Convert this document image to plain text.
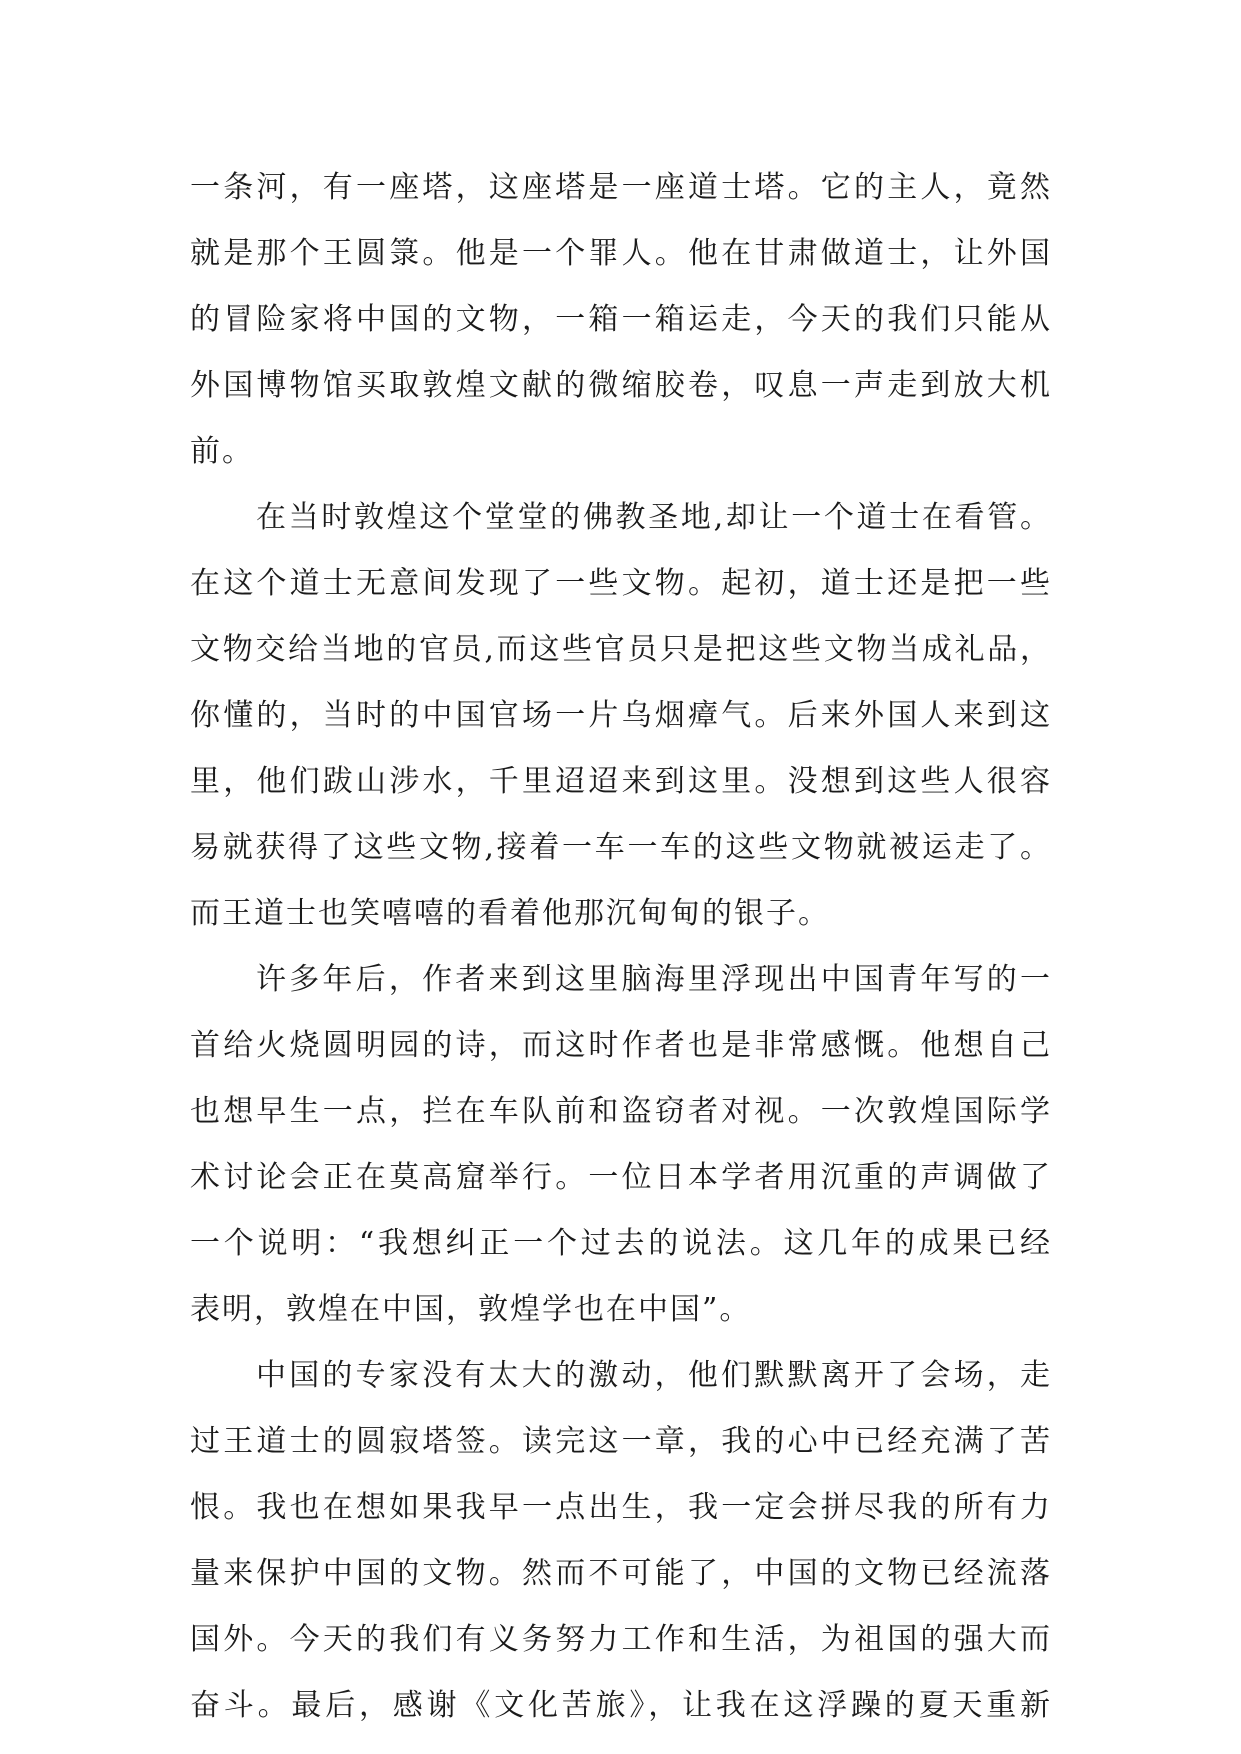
一条河，有一座塔，这座塔是一座道士塔。它的主人，竟然
就是那个王圆箓。他是一个罪人。他在甘肃做道士，让外国
的冒险家将中国的文物，一箱一箱运走，今天的我们只能从
外国博物馆买取敦煌文献的微缩胶卷，叹息一声走到放大机
前。
在当时敦煌这个堂堂的佛教圣地,却让一个道士在看管。
在这个道士无意间发现了一些文物。起初，道士还是把一些
文物交给当地的官员,而这些官员只是把这些文物当成礼品，
你懂的，当时的中国官场一片乌烟瘴气。后来外国人来到这
里，他们跋山涉水，千里迢迢来到这里。没想到这些人很容
易就获得了这些文物,接着一车一车的这些文物就被运走了。
而王道士也笑嘻嘻的看着他那沉甸甸的银子。
许多年后，作者来到这里脑海里浮现出中国青年写的一
首给火烧圆明园的诗，而这时作者也是非常感慨。他想自己
也想早生一点，拦在车队前和盗窃者对视。一次敦煌国际学
术讨论会正在莫高窟举行。一位日本学者用沉重的声调做了
一个说明：“我想纠正一个过去的说法。这几年的成果已经
表明，敦煌在中国，敦煌学也在中国”。
中国的专家没有太大的激动，他们默默离开了会场，走
过王道士的圆寂塔签。读完这一章，我的心中已经充满了苦
恨。我也在想如果我早一点出生，我一定会拼尽我的所有力
量来保护中国的文物。然而不可能了，中国的文物已经流落
国外。今天的我们有义务努力工作和生活，为祖国的强大而
奋斗。最后，感谢《文化苦旅》，让我在这浮躁的夏天重新
